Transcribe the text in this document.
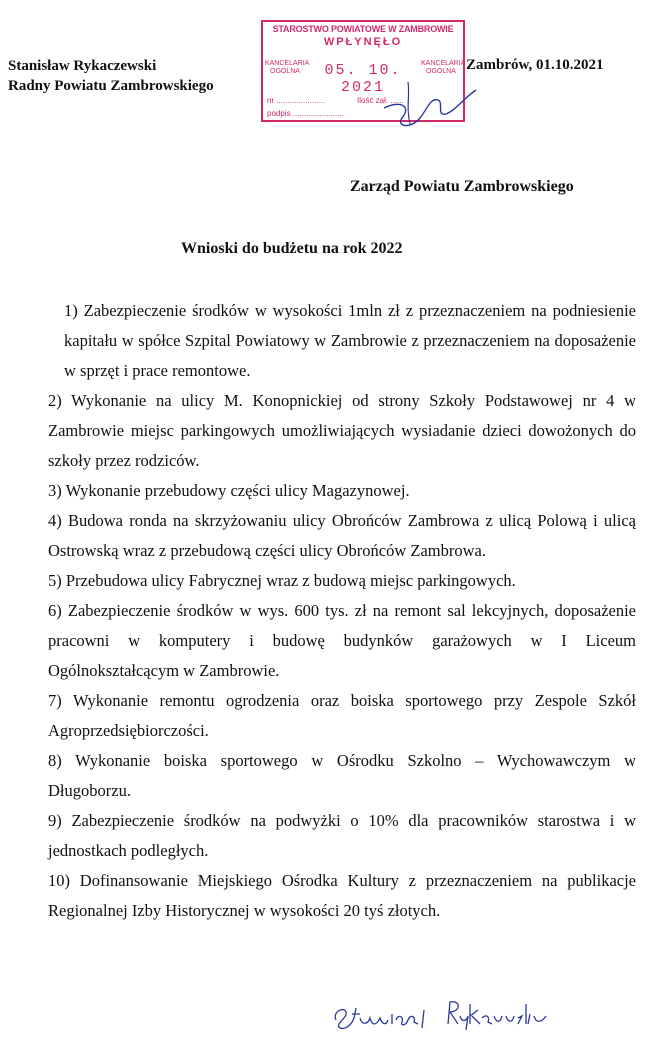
Stanisław Rykaczewski
Radny Powiatu Zambrowskiego
STAROSTWO POWIATOWE W ZAMBROWIE
WPŁYNĘŁO
KANCELARIA OGÓLNA	05. 10. 2021
KANCELARIA OGÓLNA
nr ......................	Ilość zał. ......
podpis .......................
Zambrów, 01.10.2021
Zarząd Powiatu Zambrowskiego
Wnioski do budżetu na rok 2022

1) Zabezpieczenie środków w wysokości 1mln zł z przeznaczeniem na podniesienie kapitału w spółce Szpital Powiatowy w Zambrowie z przeznaczeniem na doposażenie w sprzęt i prace remontowe.

2) Wykonanie na ulicy M. Konopnickiej od strony Szkoły Podstawowej nr 4 w Zambrowie miejsc parkingowych umożliwiających wysiadanie dzieci dowożonych do szkoły przez rodziców.

3) Wykonanie przebudowy części ulicy Magazynowej.

4) Budowa ronda na skrzyżowaniu ulicy Obrońców Zambrowa z ulicą Polową i ulicą Ostrowską wraz z przebudową części ulicy Obrońców Zambrowa.

5) Przebudowa ulicy Fabrycznej wraz z budową miejsc parkingowych.

6) Zabezpieczenie środków w wys. 600 tys. zł na remont sal lekcyjnych, doposażenie pracowni w komputery i budowę budynków garażowych w I Liceum Ogólnokształcącym w Zambrowie.

7) Wykonanie remontu ogrodzenia oraz boiska sportowego przy Zespole Szkół Agroprzedsiębiorczości.

8) Wykonanie boiska sportowego w Ośrodku Szkolno – Wychowawczym w Długoborzu.

9) Zabezpieczenie środków na podwyżki o 10% dla pracowników starostwa i w jednostkach podległych.

10) Dofinansowanie Miejskiego Ośrodka Kultury z przeznaczeniem na publikacje Regionalnej Izby Historycznej w wysokości 20 tyś złotych.
